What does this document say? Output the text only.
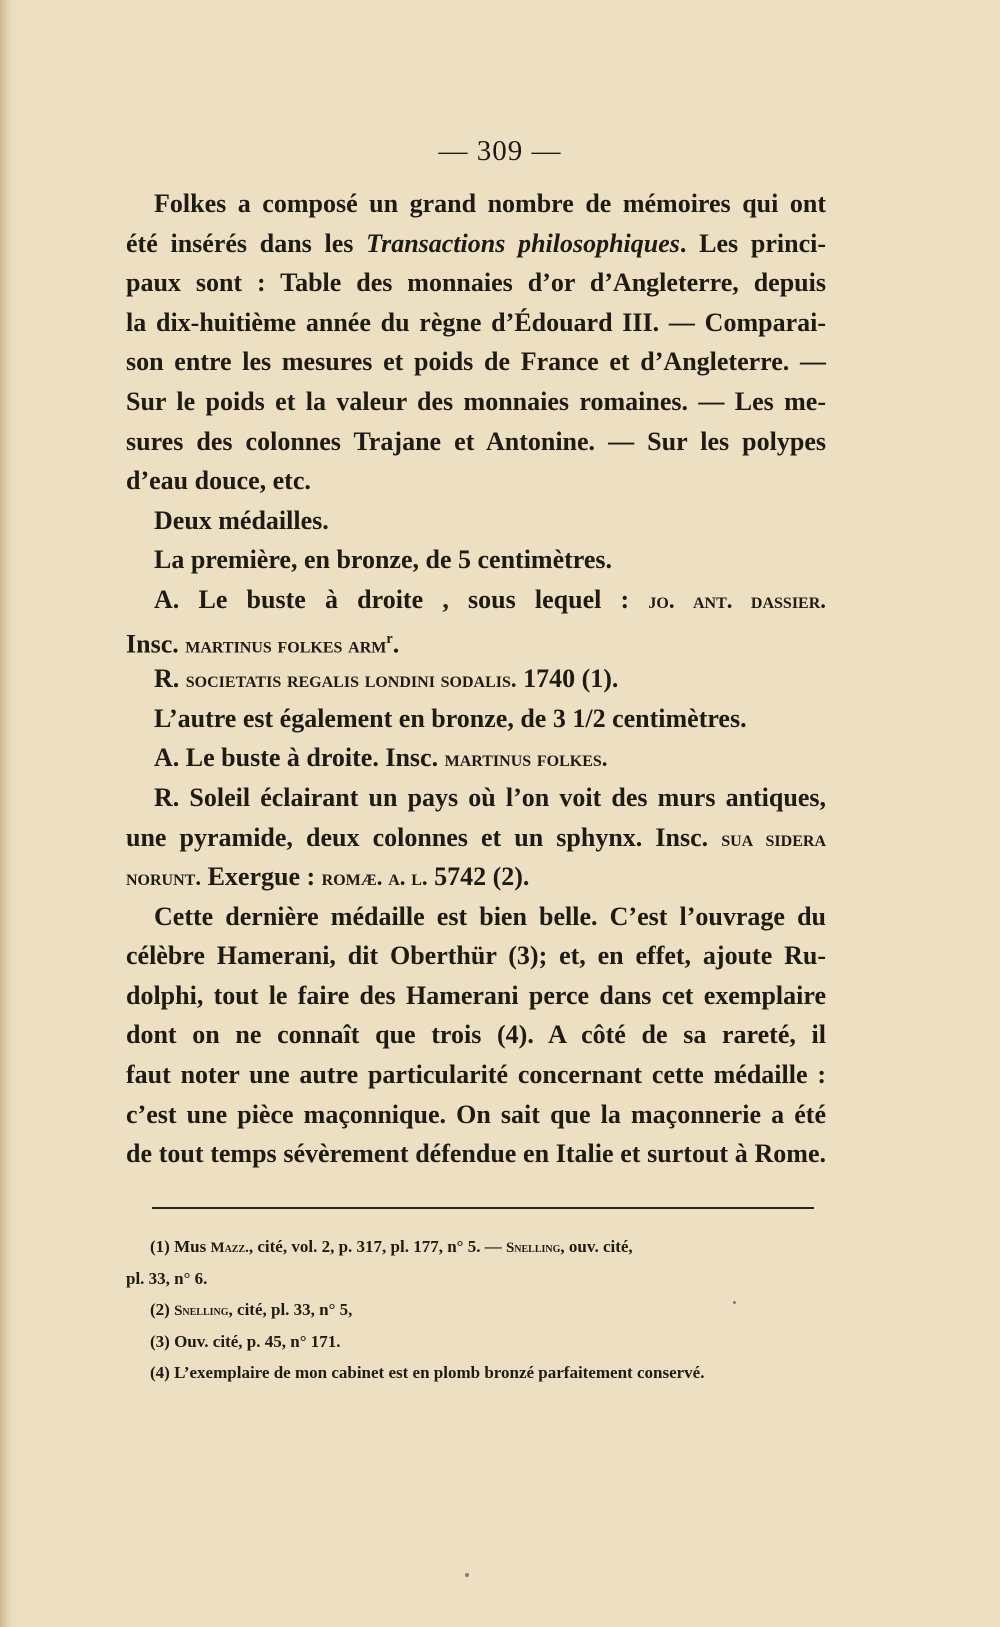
— 309 —
Folkes a composé un grand nombre de mémoires qui ont
été insérés dans les Transactions philosophiques. Les princi-
paux sont : Table des monnaies d’or d’Angleterre, depuis
la dix-huitième année du règne d’Édouard III. — Comparai-
son entre les mesures et poids de France et d’Angleterre. —
Sur le poids et la valeur des monnaies romaines. — Les me-
sures des colonnes Trajane et Antonine. — Sur les polypes
d’eau douce, etc.
Deux médailles.
La première, en bronze, de 5 centimètres.
A. Le buste à droite , sous lequel : jo. ant. dassier.
Insc. martinus folkes arm$^r$.
R. societatis regalis londini sodalis. 1740 (1).
L’autre est également en bronze, de 3 1/2 centimètres.
A. Le buste à droite. Insc. martinus folkes.
R. Soleil éclairant un pays où l’on voit des murs antiques,
une pyramide, deux colonnes et un sphynx. Insc. sua sidera
norunt. Exergue : romæ. a. l. 5742 (2).
Cette dernière médaille est bien belle. C’est l’ouvrage du
célèbre Hamerani, dit Oberthür (3); et, en effet, ajoute Ru-
dolphi, tout le faire des Hamerani perce dans cet exemplaire
dont on ne connaît que trois (4). A côté de sa rareté, il
faut noter une autre particularité concernant cette médaille :
c’est une pièce maçonnique. On sait que la maçonnerie a été
de tout temps sévèrement défendue en Italie et surtout à Rome.
(1) Mus Mazz., cité, vol. 2, p. 317, pl. 177, n° 5. — Snelling, ouv. cité,
pl. 33, n° 6.
(2) Snelling, cité, pl. 33, n° 5,
(3) Ouv. cité, p. 45, n° 171.
(4) L’exemplaire de mon cabinet est en plomb bronzé parfaitement conservé.
